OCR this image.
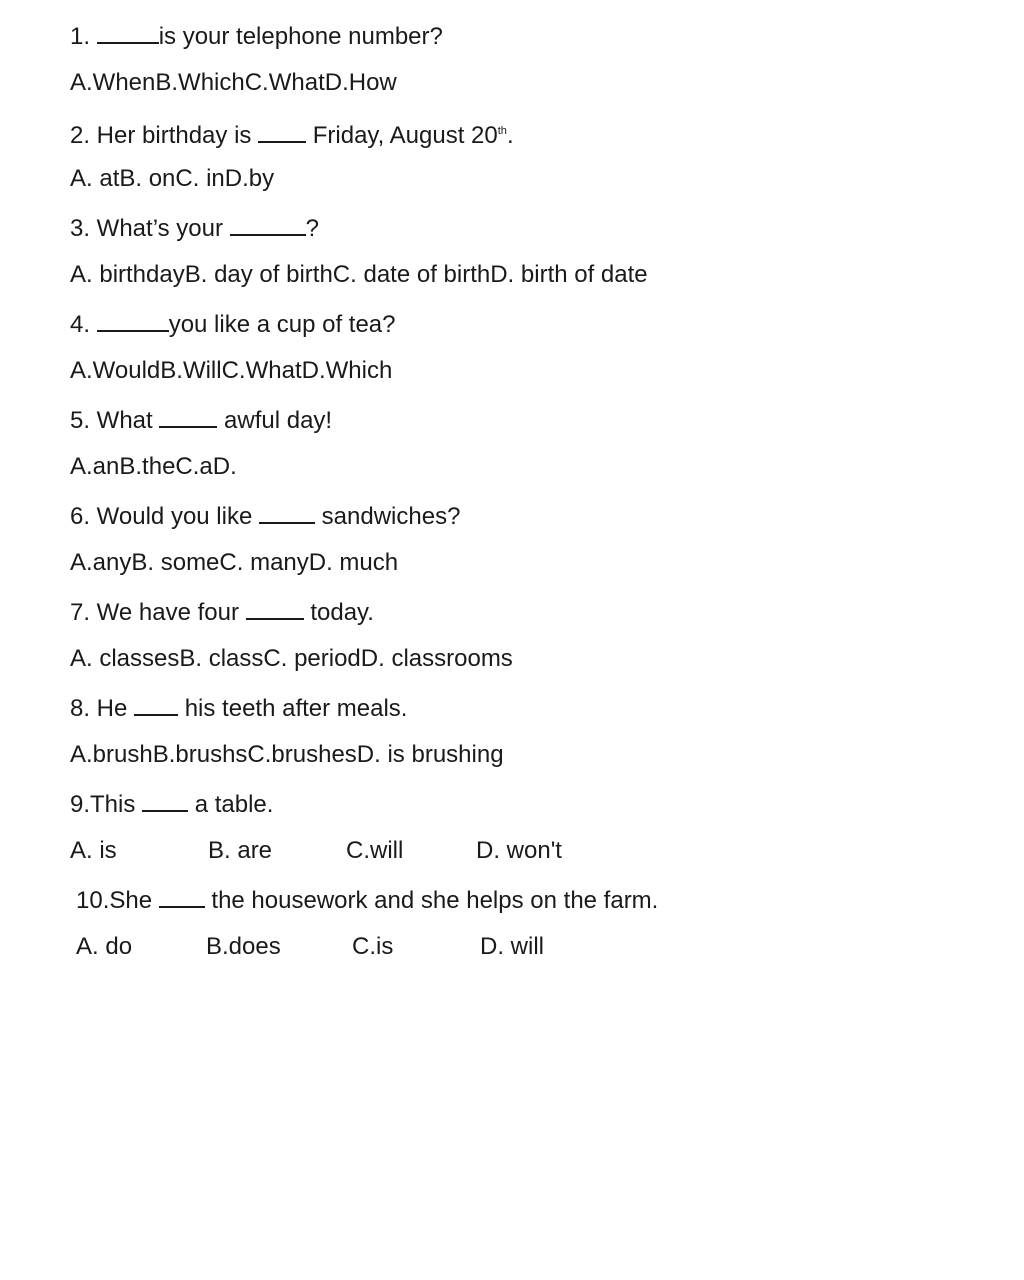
1.	is your telephone number?
A.WhenB.WhichC.WhatD.How
2. Her birthday is  Friday, August 20th.
A. atB. onC. inD.by
3. What’s your	?
A. birthdayB. day of birthC. date of birthD. birth of date
4.	you like a cup of tea?
A.WouldB.WillC.WhatD.Which
5. What  awful day!
A.anB.theC.aD.
6. Would you like  sandwiches?
A.anyB. someC. manyD. much
7. We have four  today.
A. classesB. classC. periodD. classrooms
8. He  his teeth after meals.
A.brushB.brushsC.brushesD. is brushing
9.This  a table.
A. is	B. are	C.will	D. won't
10.She  the housework and she helps on the farm.
A. do	B.does	C.is	D. will
